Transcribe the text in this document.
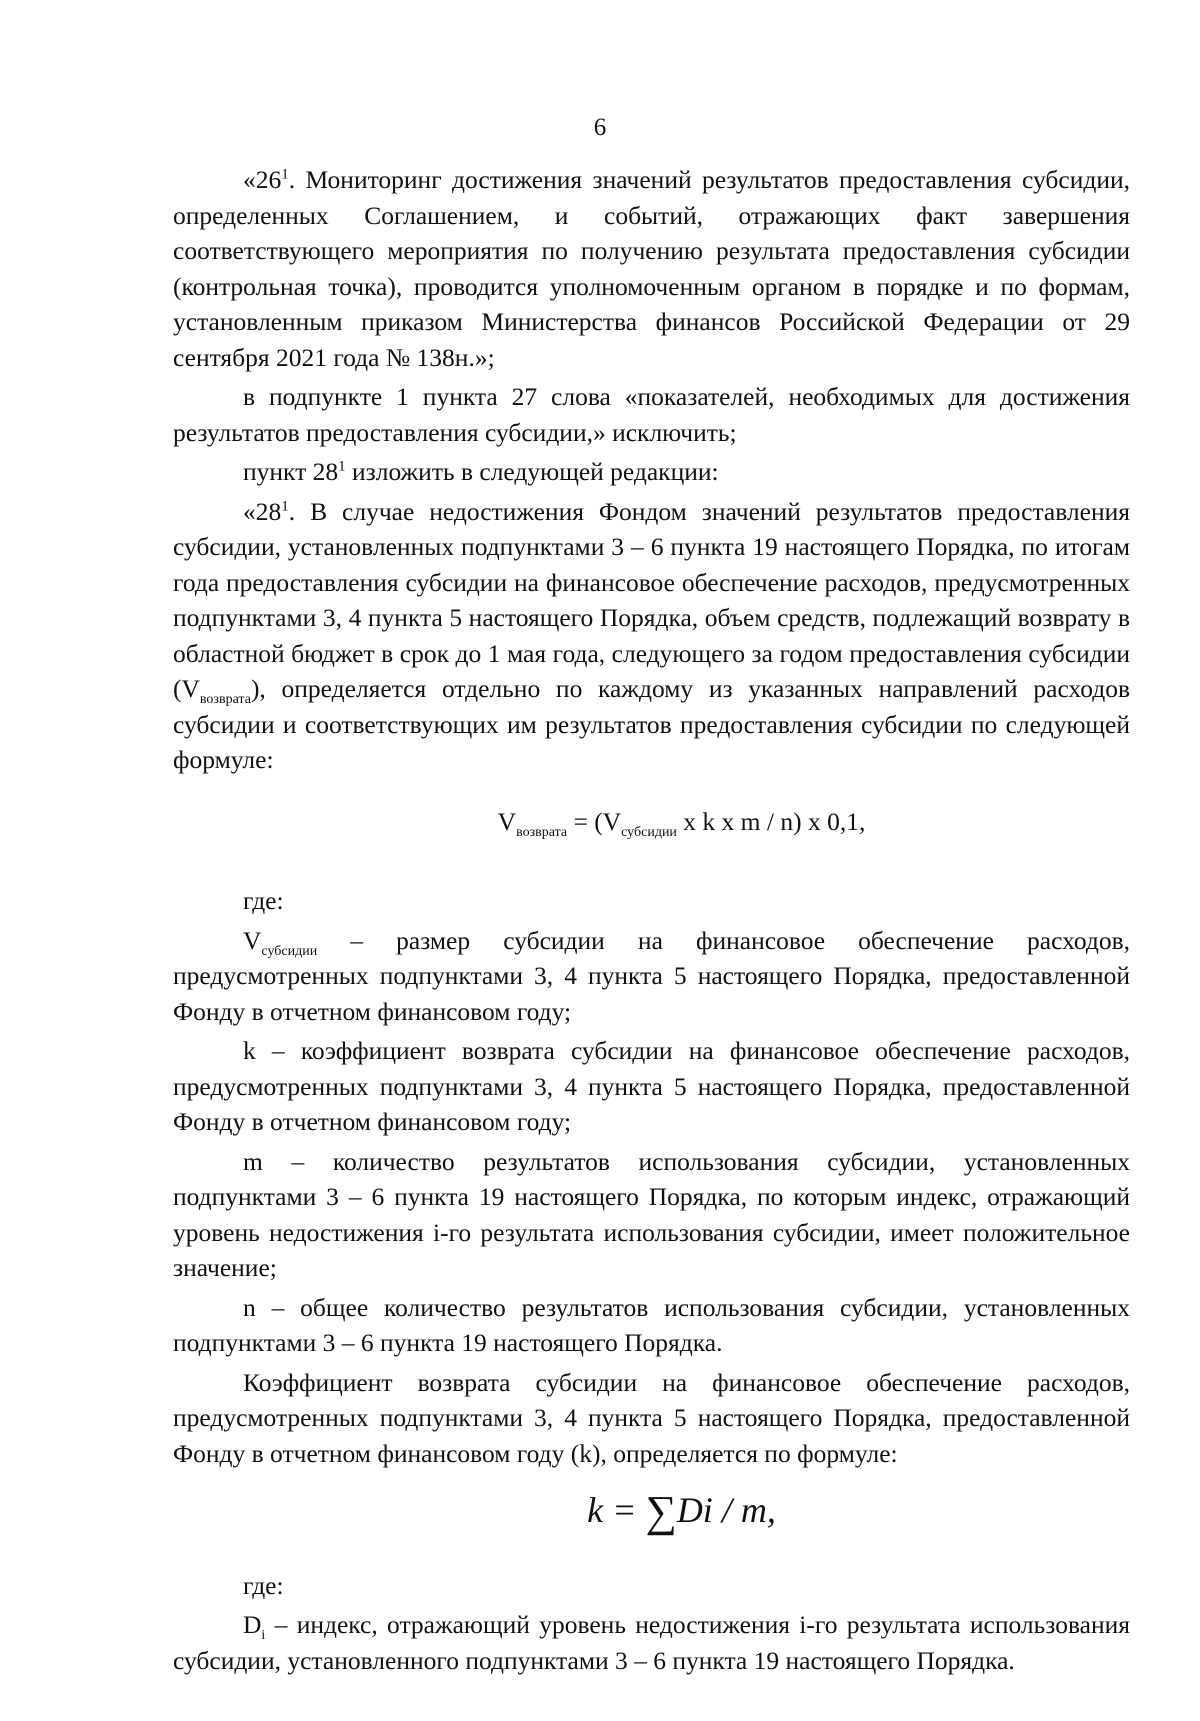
6

«$26^1$. Мониторинг достижения значений результатов предоставления субсидии, определенных Соглашением, и событий, отражающих факт завершения соответствующего мероприятия по получению результата предоставления субсидии (контрольная точка), проводится уполномоченным органом в порядке и по формам, установленным приказом Министерства финансов Российской Федерации от 29 сентября 2021 года № 138н.»;

в подпункте 1 пункта 27 слова «показателей, необходимых для достижения результатов предоставления субсидии,» исключить;

пункт $28^1$ изложить в следующей редакции:

«$28^1$. В случае недостижения Фондом значений результатов предоставления субсидии, установленных подпунктами 3 – 6 пункта 19 настоящего Порядка, по итогам года предоставления субсидии на финансовое обеспечение расходов, предусмотренных подпунктами 3, 4 пункта 5 настоящего Порядка, объем средств, подлежащий возврату в областной бюджет в срок до 1 мая года, следующего за годом предоставления субсидии $(V_{возврата})$, определяется отдельно по каждому из указанных направлений расходов субсидии и соответствующих им результатов предоставления субсидии по следующей формуле:

$V_{возврата} = (V_{субсидии}$ x k x m / n) x 0,1,

где:

$V_{субсидии}$ – размер субсидии на финансовое обеспечение расходов, предусмотренных подпунктами 3, 4 пункта 5 настоящего Порядка, предоставленной Фонду в отчетном финансовом году;

k – коэффициент возврата субсидии на финансовое обеспечение расходов, предусмотренных подпунктами 3, 4 пункта 5 настоящего Порядка, предоставленной Фонду в отчетном финансовом году;

m – количество результатов использования субсидии, установленных подпунктами 3 – 6 пункта 19 настоящего Порядка, по которым индекс, отражающий уровень недостижения i-го результата использования субсидии, имеет положительное значение;

n – общее количество результатов использования субсидии, установленных подпунктами 3 – 6 пункта 19 настоящего Порядка.

Коэффициент возврата субсидии на финансовое обеспечение расходов, предусмотренных подпунктами 3, 4 пункта 5 настоящего Порядка, предоставленной Фонду в отчетном финансовом году (k), определяется по формуле:

k = ∑Di / m,

где:

$D_i$ – индекс, отражающий уровень недостижения i-го результата использования субсидии, установленного подпунктами 3 – 6 пункта 19 настоящего Порядка.
